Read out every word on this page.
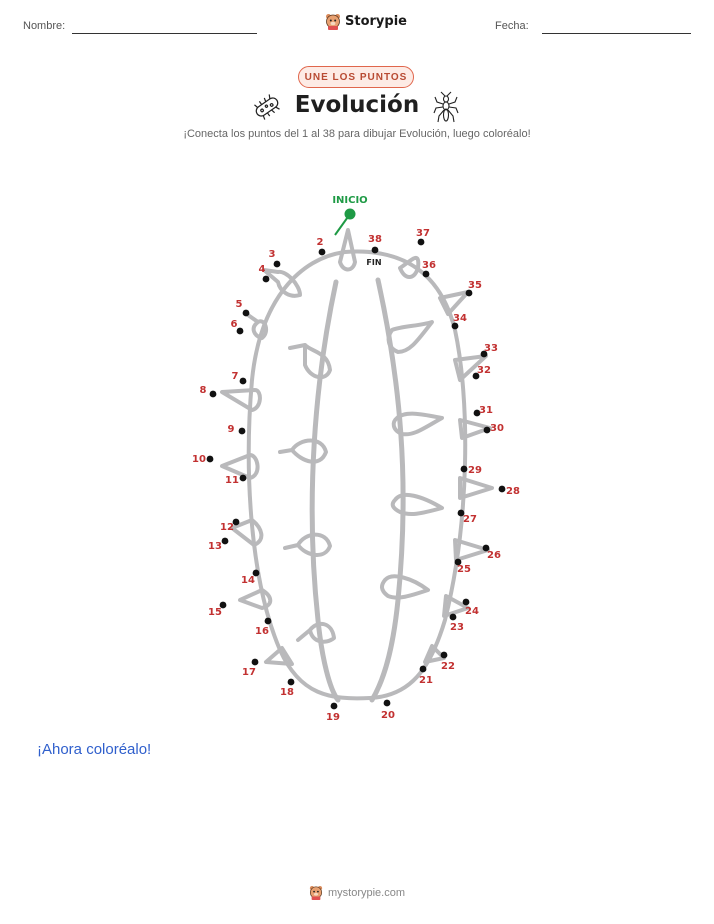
Nombre:	Storypie	Fecha:
UNE LOS PUNTOS
Evolución
¡Conecta los puntos del 1 al 38 para dibujar Evolución, luego coloréalo!
INICIO
FIN
2
3
4
5
6
7
8
9
10
11
12
13
14
15
16
17
18
19	20
21
22
23
24
25
26
27
28
29
30
31
32
33
34
35
36
37
38
¡Ahora coloréalo!
mystorypie.com
